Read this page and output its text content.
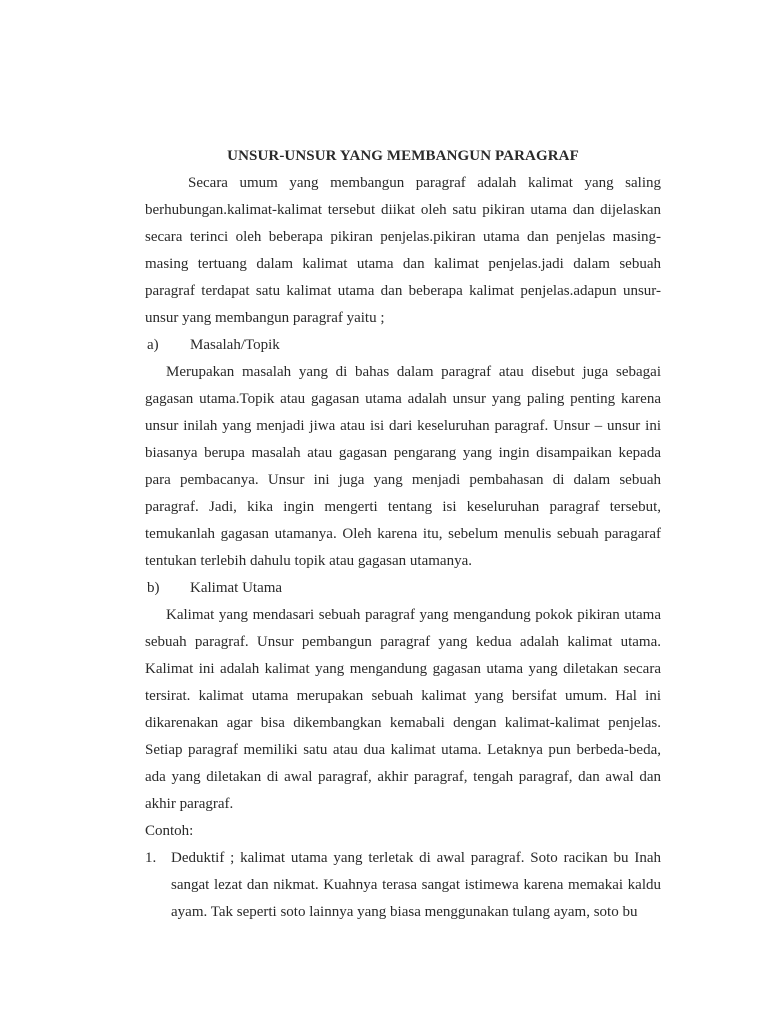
UNSUR-UNSUR YANG MEMBANGUN PARAGRAF

Secara umum yang membangun paragraf adalah kalimat yang saling berhubungan.kalimat-kalimat tersebut diikat oleh satu pikiran utama dan dijelaskan secara terinci oleh beberapa pikiran penjelas.pikiran utama dan penjelas masing-masing tertuang dalam kalimat utama dan kalimat penjelas.jadi dalam sebuah paragraf terdapat satu kalimat utama dan beberapa kalimat penjelas.adapun unsur-unsur yang membangun paragraf yaitu ;

a)	Masalah/Topik

Merupakan masalah yang di bahas dalam paragraf atau disebut juga sebagai gagasan utama.Topik atau gagasan utama adalah unsur yang paling penting karena unsur inilah yang menjadi jiwa atau isi dari keseluruhan paragraf. Unsur – unsur ini biasanya berupa masalah atau gagasan pengarang yang ingin disampaikan kepada para pembacanya. Unsur ini juga yang menjadi pembahasan di dalam sebuah paragraf. Jadi, kika ingin mengerti tentang isi keseluruhan paragraf tersebut, temukanlah gagasan utamanya. Oleh karena itu, sebelum menulis sebuah paragaraf tentukan terlebih dahulu topik atau gagasan utamanya.

b)	Kalimat Utama

Kalimat yang mendasari sebuah paragraf yang mengandung pokok pikiran utama sebuah paragraf. Unsur pembangun paragraf yang kedua adalah kalimat utama. Kalimat ini adalah kalimat yang mengandung gagasan utama yang diletakan secara tersirat. kalimat utama merupakan sebuah kalimat yang bersifat umum. Hal ini dikarenakan agar bisa dikembangkan kemabali dengan kalimat-kalimat penjelas. Setiap paragraf memiliki satu atau dua kalimat utama. Letaknya pun berbeda-beda, ada yang diletakan di awal paragraf, akhir paragraf, tengah paragraf, dan awal dan akhir paragraf.

Contoh:
1. Deduktif ; kalimat utama yang terletak di awal paragraf. Soto racikan bu Inah sangat lezat dan nikmat. Kuahnya terasa sangat istimewa karena memakai kaldu ayam. Tak seperti soto lainnya yang biasa menggunakan tulang ayam, soto bu
